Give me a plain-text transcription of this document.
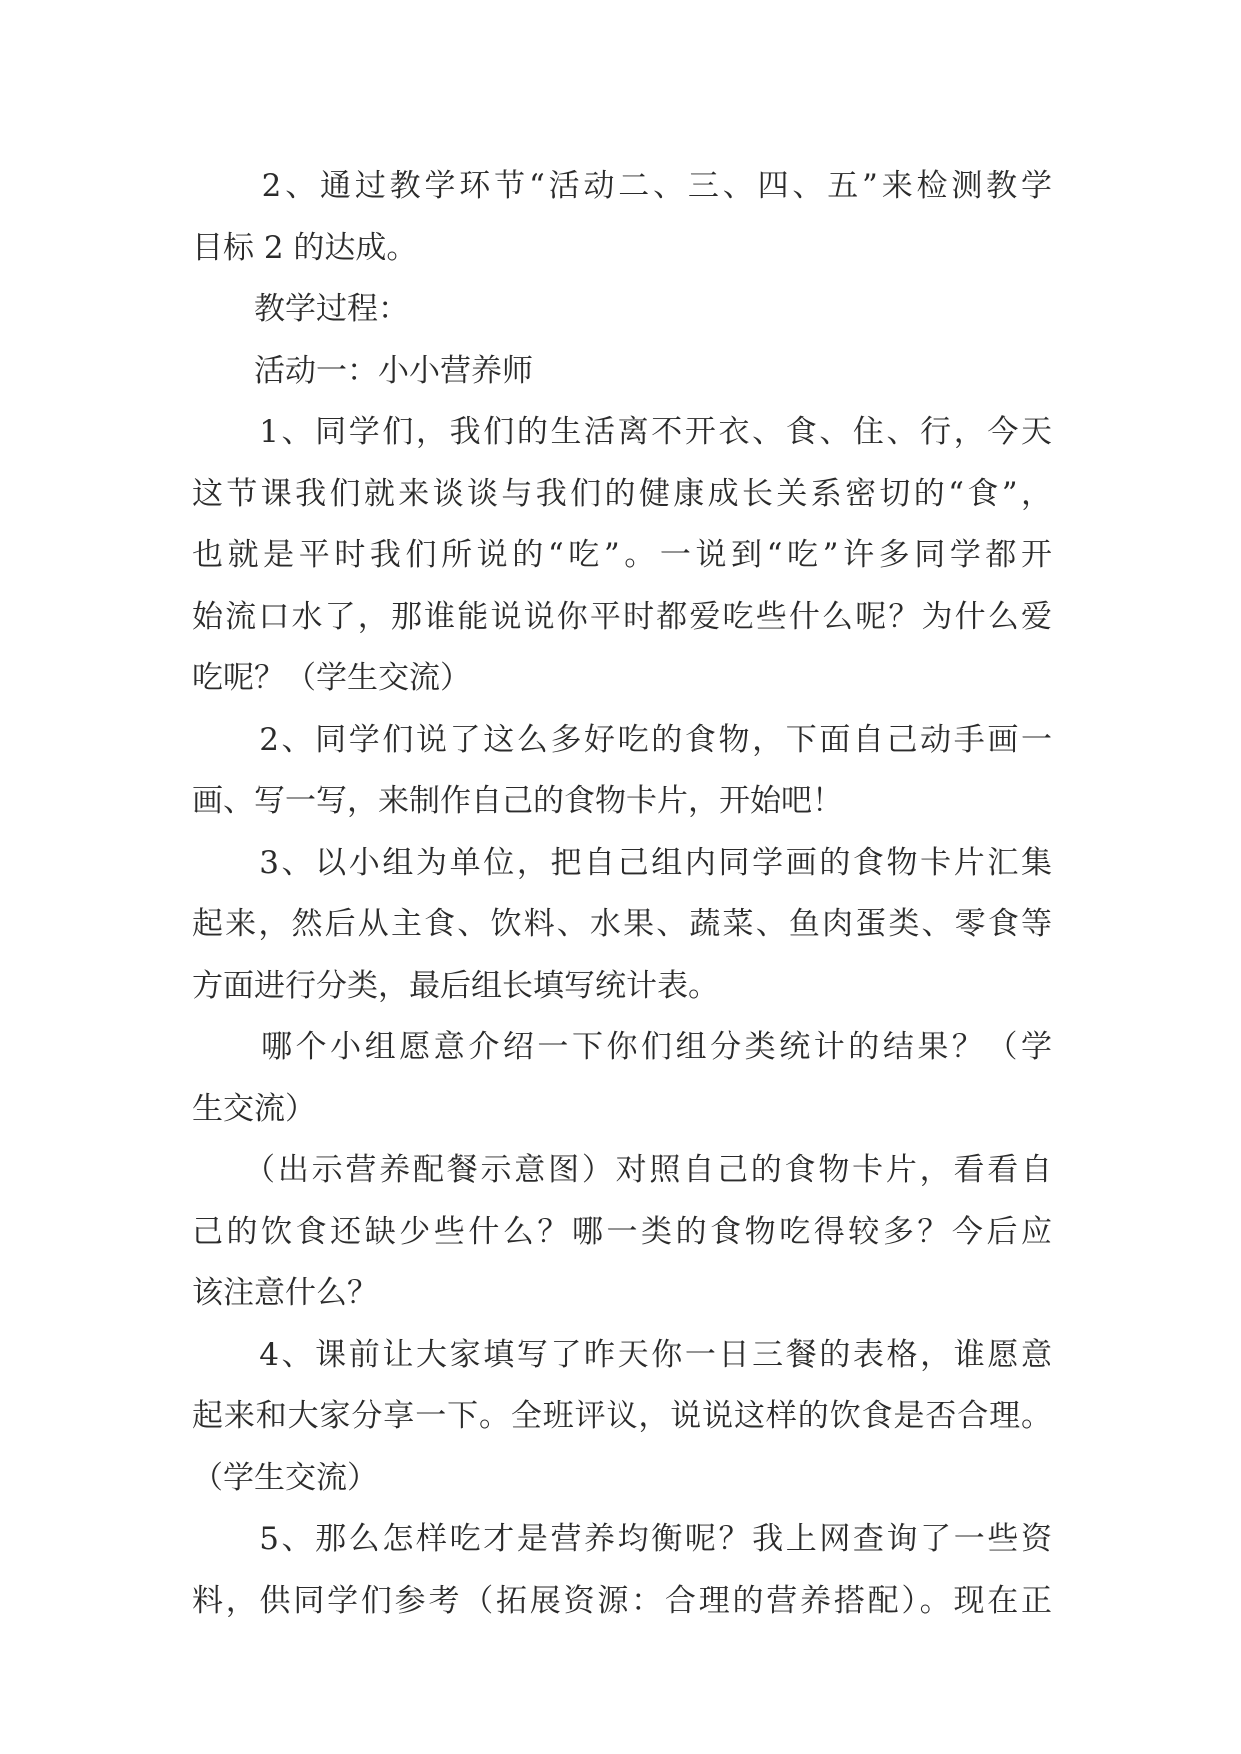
　　2、通过教学环节“活动二、三、四、五”来检测教学
目标 2 的达成。
　　教学过程：
　　活动一：小小营养师
　　1、同学们，我们的生活离不开衣、食、住、行，今天
这节课我们就来谈谈与我们的健康成长关系密切的“食”，
也就是平时我们所说的“吃”。一说到“吃”许多同学都开
始流口水了，那谁能说说你平时都爱吃些什么呢？为什么爱
吃呢？（学生交流）
　　2、同学们说了这么多好吃的食物，下面自己动手画一
画、写一写，来制作自己的食物卡片，开始吧！
　　3、以小组为单位，把自己组内同学画的食物卡片汇集
起来，然后从主食、饮料、水果、蔬菜、鱼肉蛋类、零食等
方面进行分类，最后组长填写统计表。
　　哪个小组愿意介绍一下你们组分类统计的结果？（学
生交流）
　　（出示营养配餐示意图）对照自己的食物卡片，看看自
己的饮食还缺少些什么？哪一类的食物吃得较多？今后应
该注意什么？
　　4、课前让大家填写了昨天你一日三餐的表格，谁愿意
起来和大家分享一下。全班评议，说说这样的饮食是否合理。
（学生交流）
　　5、那么怎样吃才是营养均衡呢？我上网查询了一些资
料，供同学们参考（拓展资源：合理的营养搭配）。现在正
